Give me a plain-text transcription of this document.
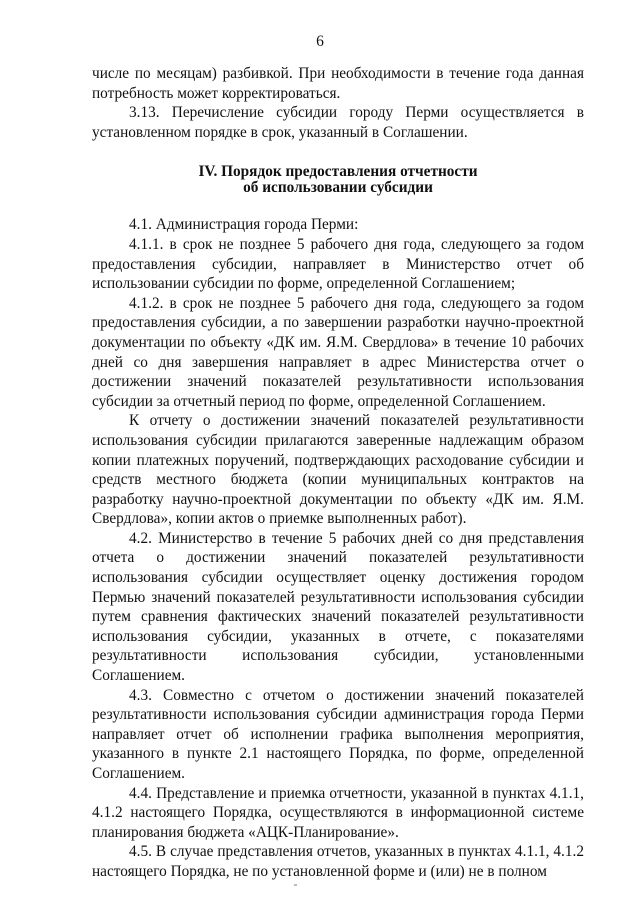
6

числе по месяцам) разбивкой. При необходимости в течение года данная потребность может корректироваться.

3.13. Перечисление субсидии городу Перми осуществляется в установленном порядке в срок, указанный в Соглашении.

IV. Порядок предоставления отчетности
об использовании субсидии

4.1. Администрация города Перми:

4.1.1. в срок не позднее 5 рабочего дня года, следующего за годом предоставления субсидии, направляет в Министерство отчет об использовании субсидии по форме, определенной Соглашением;

4.1.2. в срок не позднее 5 рабочего дня года, следующего за годом предоставления субсидии, а по завершении разработки научно-проектной документации по объекту «ДК им. Я.М. Свердлова» в течение 10 рабочих дней со дня завершения направляет в адрес Министерства отчет о достижении значений показателей результативности использования субсидии за отчетный период по форме, определенной Соглашением.

К отчету о достижении значений показателей результативности использования субсидии прилагаются заверенные надлежащим образом копии платежных поручений, подтверждающих расходование субсидии и средств местного бюджета (копии муниципальных контрактов на разработку научно-проектной документации по объекту «ДК им. Я.М. Свердлова», копии актов о приемке выполненных работ).

4.2. Министерство в течение 5 рабочих дней со дня представления отчета о достижении значений показателей результативности использования субсидии осуществляет оценку достижения городом Пермью значений показателей результативности использования субсидии путем сравнения фактических значений показателей результативности использования субсидии, указанных в отчете, с показателями результативности использования субсидии, установленными Соглашением.

4.3. Совместно с отчетом о достижении значений показателей результативности использования субсидии администрация города Перми направляет отчет об исполнении графика выполнения мероприятия, указанного в пункте 2.1 настоящего Порядка, по форме, определенной Соглашением.

4.4. Представление и приемка отчетности, указанной в пунктах 4.1.1, 4.1.2 настоящего Порядка, осуществляются в информационной системе планирования бюджета «АЦК-Планирование».

4.5. В случае представления отчетов, указанных в пунктах 4.1.1, 4.1.2 настоящего Порядка, не по установленной форме и (или) не в полном
